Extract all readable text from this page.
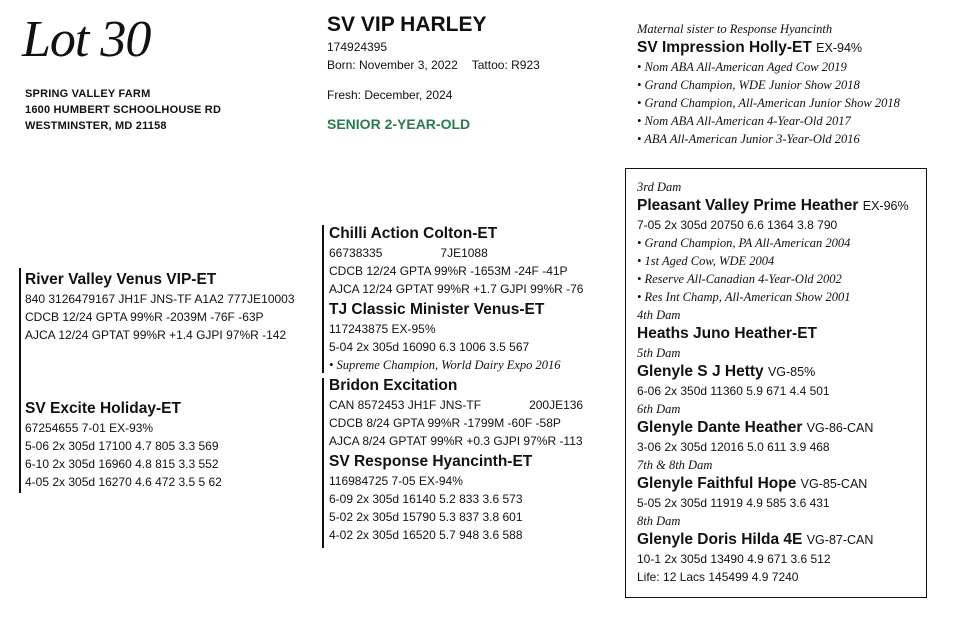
Lot 30
SPRING VALLEY FARM
1600 HUMBERT SCHOOLHOUSE RD
WESTMINSTER, MD 21158
SV VIP HARLEY
174924395
Born: November 3, 2022 Tattoo: R923
Fresh: December, 2024
SENIOR 2-YEAR-OLD
Maternal sister to Response Hyancinth
SV Impression Holly-ET EX-94%
• Nom ABA All-American Aged Cow 2019
• Grand Champion, WDE Junior Show 2018
• Grand Champion, All-American Junior Show 2018
• Nom ABA All-American 4-Year-Old 2017
• ABA All-American Junior 3-Year-Old 2016
River Valley Venus VIP-ET
840 3126479167 JH1F JNS-TF A1A2 777JE10003
CDCB 12/24 GPTA 99%R -2039M -76F -63P
AJCA 12/24 GPTAT 99%R +1.4 GJPI 97%R -142
SV Excite Holiday-ET
67254655 7-01 EX-93%
5-06 2x 305d 17100 4.7 805 3.3 569
6-10 2x 305d 16960 4.8 815 3.3 552
4-05 2x 305d 16270 4.6 472 3.5 5 62
Chilli Action Colton-ET
66738335	7JE1088
CDCB 12/24 GPTA 99%R -1653M -24F -41P
AJCA 12/24 GPTAT 99%R +1.7 GJPI 99%R -76
TJ Classic Minister Venus-ET
117243875 EX-95%
5-04 2x 305d 16090 6.3 1006 3.5 567
• Supreme Champion, World Dairy Expo 2016
Bridon Excitation
CAN 8572453 JH1F JNS-TF	200JE136
CDCB 8/24 GPTA 99%R -1799M -60F -58P
AJCA 8/24 GPTAT 99%R +0.3 GJPI 97%R -113
SV Response Hyancinth-ET
116984725 7-05 EX-94%
6-09 2x 305d 16140 5.2 833 3.6 573
5-02 2x 305d 15790 5.3 837 3.8 601
4-02 2x 305d 16520 5.7 948 3.6 588
3rd Dam
Pleasant Valley Prime Heather EX-96%
7-05 2x 305d 20750 6.6 1364 3.8 790
• Grand Champion, PA All-American 2004
• 1st Aged Cow, WDE 2004
• Reserve All-Canadian 4-Year-Old 2002
• Res Int Champ, All-American Show 2001
4th Dam
Heaths Juno Heather-ET
5th Dam
Glenyle S J Hetty VG-85%
6-06 2x 350d 11360 5.9 671 4.4 501
6th Dam
Glenyle Dante Heather VG-86-CAN
3-06 2x 305d 12016 5.0 611 3.9 468
7th & 8th Dam
Glenyle Faithful Hope VG-85-CAN
5-05 2x 305d 11919 4.9 585 3.6 431
8th Dam
Glenyle Doris Hilda 4E VG-87-CAN
10-1 2x 305d 13490 4.9 671 3.6 512
Life: 12 Lacs 145499 4.9 7240
